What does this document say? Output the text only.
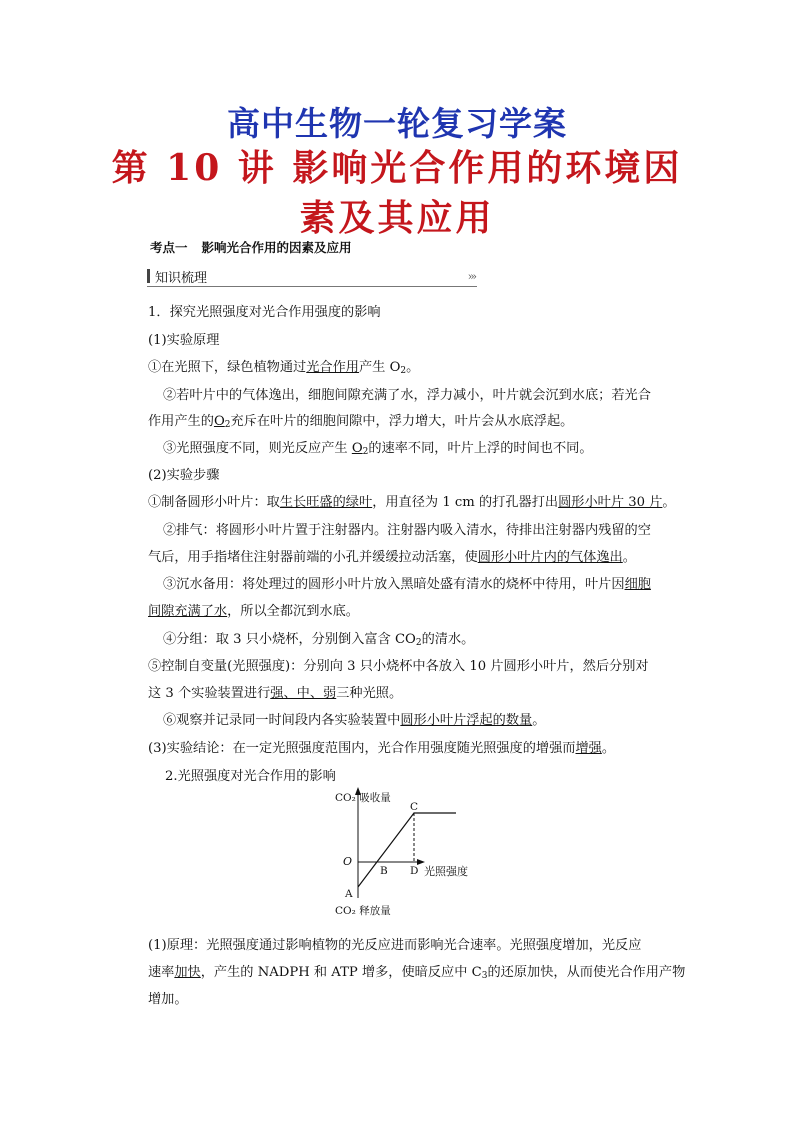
高中生物一轮复习学案
第 10 讲 影响光合作用的环境因
素及其应用
考点一 影响光合作用的因素及应用
知识梳理	›››
1．探究光照强度对光合作用强度的影响
(1)实验原理
①在光照下，绿色植物通过光合作用产生 $O_2$。
②若叶片中的气体逸出，细胞间隙充满了水，浮力减小，叶片就会沉到水底；若光合
作用产生的$O_2$充斥在叶片的细胞间隙中，浮力增大，叶片会从水底浮起。
③光照强度不同，则光反应产生 $O_2$的速率不同，叶片上浮的时间也不同。
(2)实验步骤
①制备圆形小叶片：取生长旺盛的绿叶，用直径为 1 cm 的打孔器打出圆形小叶片 30 片。
②排气：将圆形小叶片置于注射器内。注射器内吸入清水，待排出注射器内残留的空
气后，用手指堵住注射器前端的小孔并缓缓拉动活塞，使圆形小叶片内的气体逸出。
③沉水备用：将处理过的圆形小叶片放入黑暗处盛有清水的烧杯中待用，叶片因细胞
间隙充满了水，所以全都沉到水底。
④分组：取 3 只小烧杯，分别倒入富含 $CO_2$的清水。
⑤控制自变量(光照强度)：分别向 3 只小烧杯中各放入 10 片圆形小叶片，然后分别对
这 3 个实验装置进行强、中、弱三种光照。
⑥观察并记录同一时间段内各实验装置中圆形小叶片浮起的数量。
(3)实验结论：在一定光照强度范围内，光合作用强度随光照强度的增强而增强。
2.光照强度对光合作用的影响
CO₂ 吸收量
O
A
B
C
D 光照强度
CO₂ 释放量
(1)原理：光照强度通过影响植物的光反应进而影响光合速率。光照强度增加，光反应
速率加快，产生的 NADPH 和 ATP 增多，使暗反应中 $C_3$的还原加快，从而使光合作用产物
增加。
